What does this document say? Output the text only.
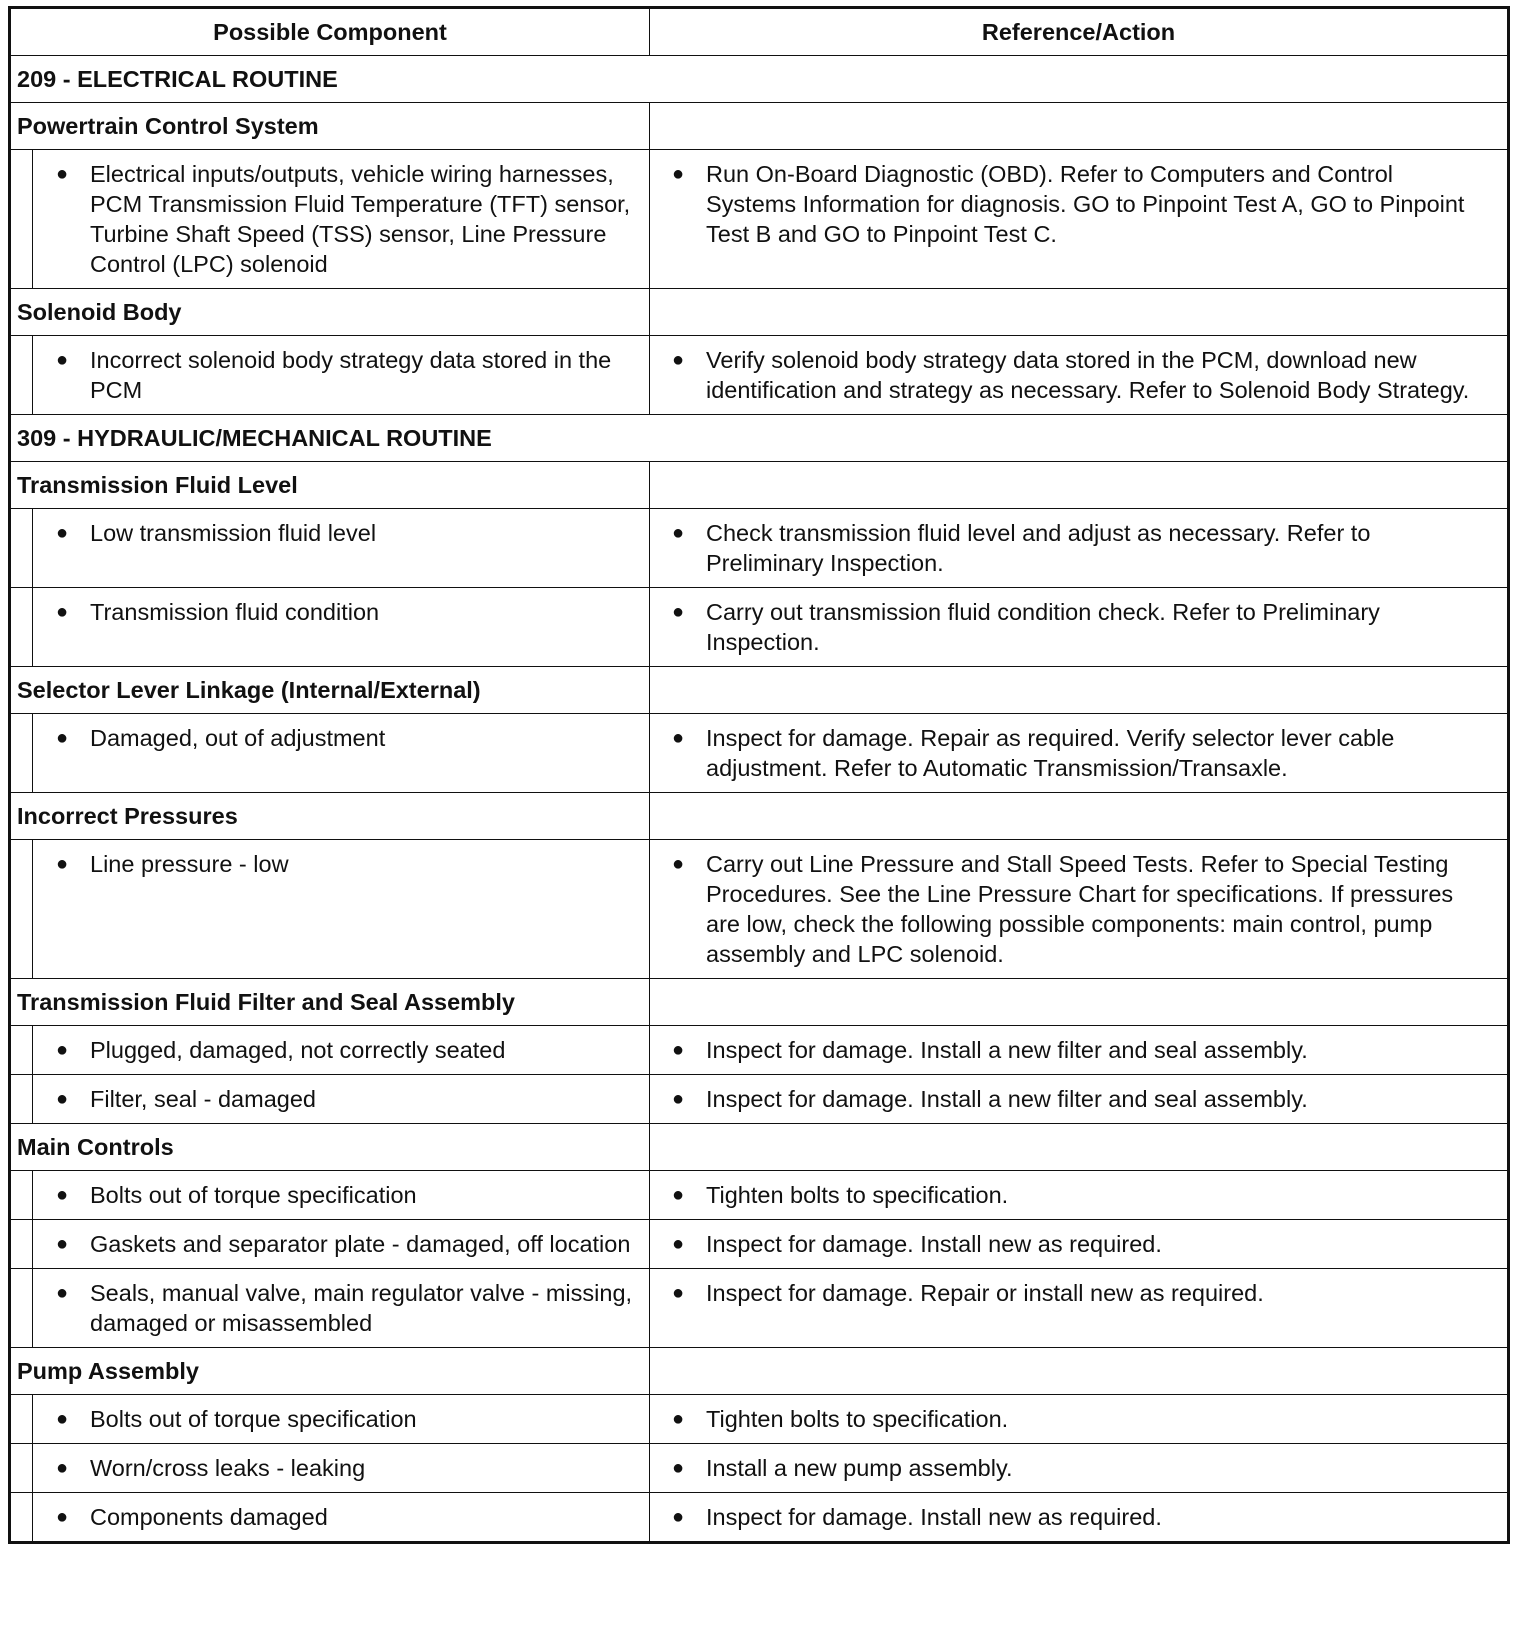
Possible Component	Reference/Action
209 - ELECTRICAL ROUTINE	
Powertrain Control System	

● Electrical inputs/outputs, vehicle wiring harnesses, PCM Transmission Fluid Temperature (TFT) sensor, Turbine Shaft Speed (TSS) sensor, Line Pressure Control (LPC) solenoid	● Run On-Board Diagnostic (OBD). Refer to Computers and Control Systems Information for diagnosis. GO to Pinpoint Test A, GO to Pinpoint Test B and GO to Pinpoint Test C.

Solenoid Body	

● Incorrect solenoid body strategy data stored in the PCM	● Verify solenoid body strategy data stored in the PCM, download new identification and strategy as necessary. Refer to Solenoid Body Strategy.

309 - HYDRAULIC/MECHANICAL ROUTINE	
Transmission Fluid Level	

● Low transmission fluid level	● Check transmission fluid level and adjust as necessary. Refer to Preliminary Inspection.

● Transmission fluid condition	● Carry out transmission fluid condition check. Refer to Preliminary Inspection.

Selector Lever Linkage (Internal/External)	

● Damaged, out of adjustment	● Inspect for damage. Repair as required. Verify selector lever cable adjustment. Refer to Automatic Transmission/Transaxle.

Incorrect Pressures	

● Line pressure - low	● Carry out Line Pressure and Stall Speed Tests. Refer to Special Testing Procedures. See the Line Pressure Chart for specifications. If pressures are low, check the following possible components: main control, pump assembly and LPC solenoid.

Transmission Fluid Filter and Seal Assembly	

● Plugged, damaged, not correctly seated	● Inspect for damage. Install a new filter and seal assembly.

● Filter, seal - damaged	● Inspect for damage. Install a new filter and seal assembly.

Main Controls	

● Bolts out of torque specification	● Tighten bolts to specification.

● Gaskets and separator plate - damaged, off location	● Inspect for damage. Install new as required.

● Seals, manual valve, main regulator valve - missing, damaged or misassembled	● Inspect for damage. Repair or install new as required.

Pump Assembly	

● Bolts out of torque specification	● Tighten bolts to specification.

● Worn/cross leaks - leaking	● Install a new pump assembly.

● Components damaged	● Inspect for damage. Install new as required.
